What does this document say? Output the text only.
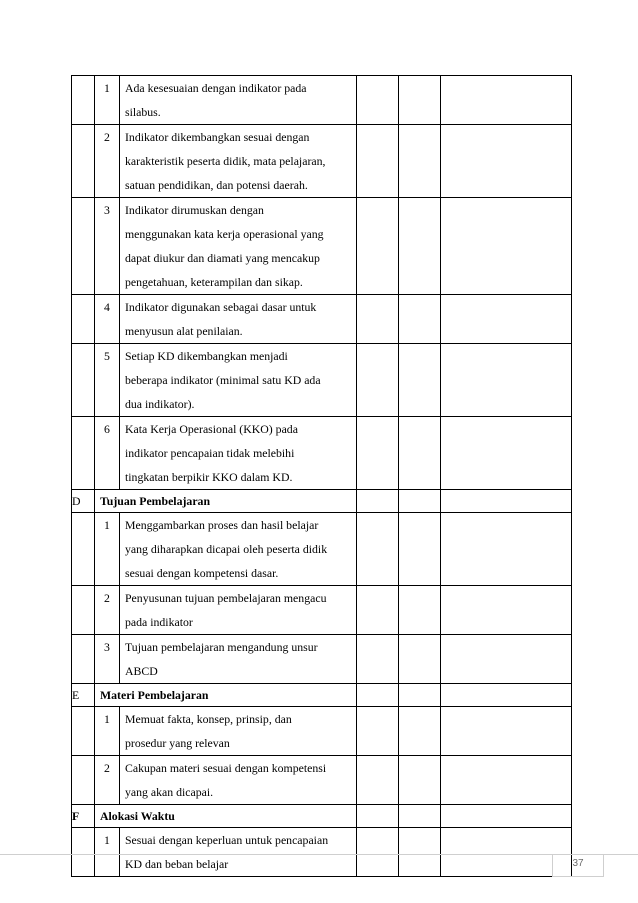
	1	Ada kesesuaian dengan indikator pada
silabus.			

	2	Indikator dikembangkan sesuai dengan
karakteristik peserta didik, mata pelajaran,
satuan pendidikan, dan potensi daerah.			

	3	Indikator dirumuskan dengan
menggunakan kata kerja operasional yang
dapat diukur dan diamati yang mencakup
pengetahuan, keterampilan dan sikap.			

	4	Indikator digunakan sebagai dasar untuk
menyusun alat penilaian.			

	5	Setiap KD dikembangkan menjadi
beberapa indikator (minimal satu KD ada
dua indikator).			

	6	Kata Kerja Operasional (KKO) pada
indikator pencapaian tidak melebihi
tingkatan berpikir KKO dalam KD.			

D	Tujuan Pembelajaran				
	1	Menggambarkan proses dan hasil belajar
yang diharapkan dicapai oleh peserta didik
sesuai dengan kompetensi dasar.			

	2	Penyusunan tujuan pembelajaran mengacu
pada indikator			

	3	Tujuan pembelajaran mengandung unsur
ABCD			

E	Materi Pembelajaran				
	1	Memuat fakta, konsep, prinsip, dan
prosedur yang relevan			

	2	Cakupan materi sesuai dengan kompetensi
yang akan dicapai.			

F	Alokasi Waktu				
	1	Sesuai dengan keperluan untuk pencapaian
KD dan beban belajar			
				37
